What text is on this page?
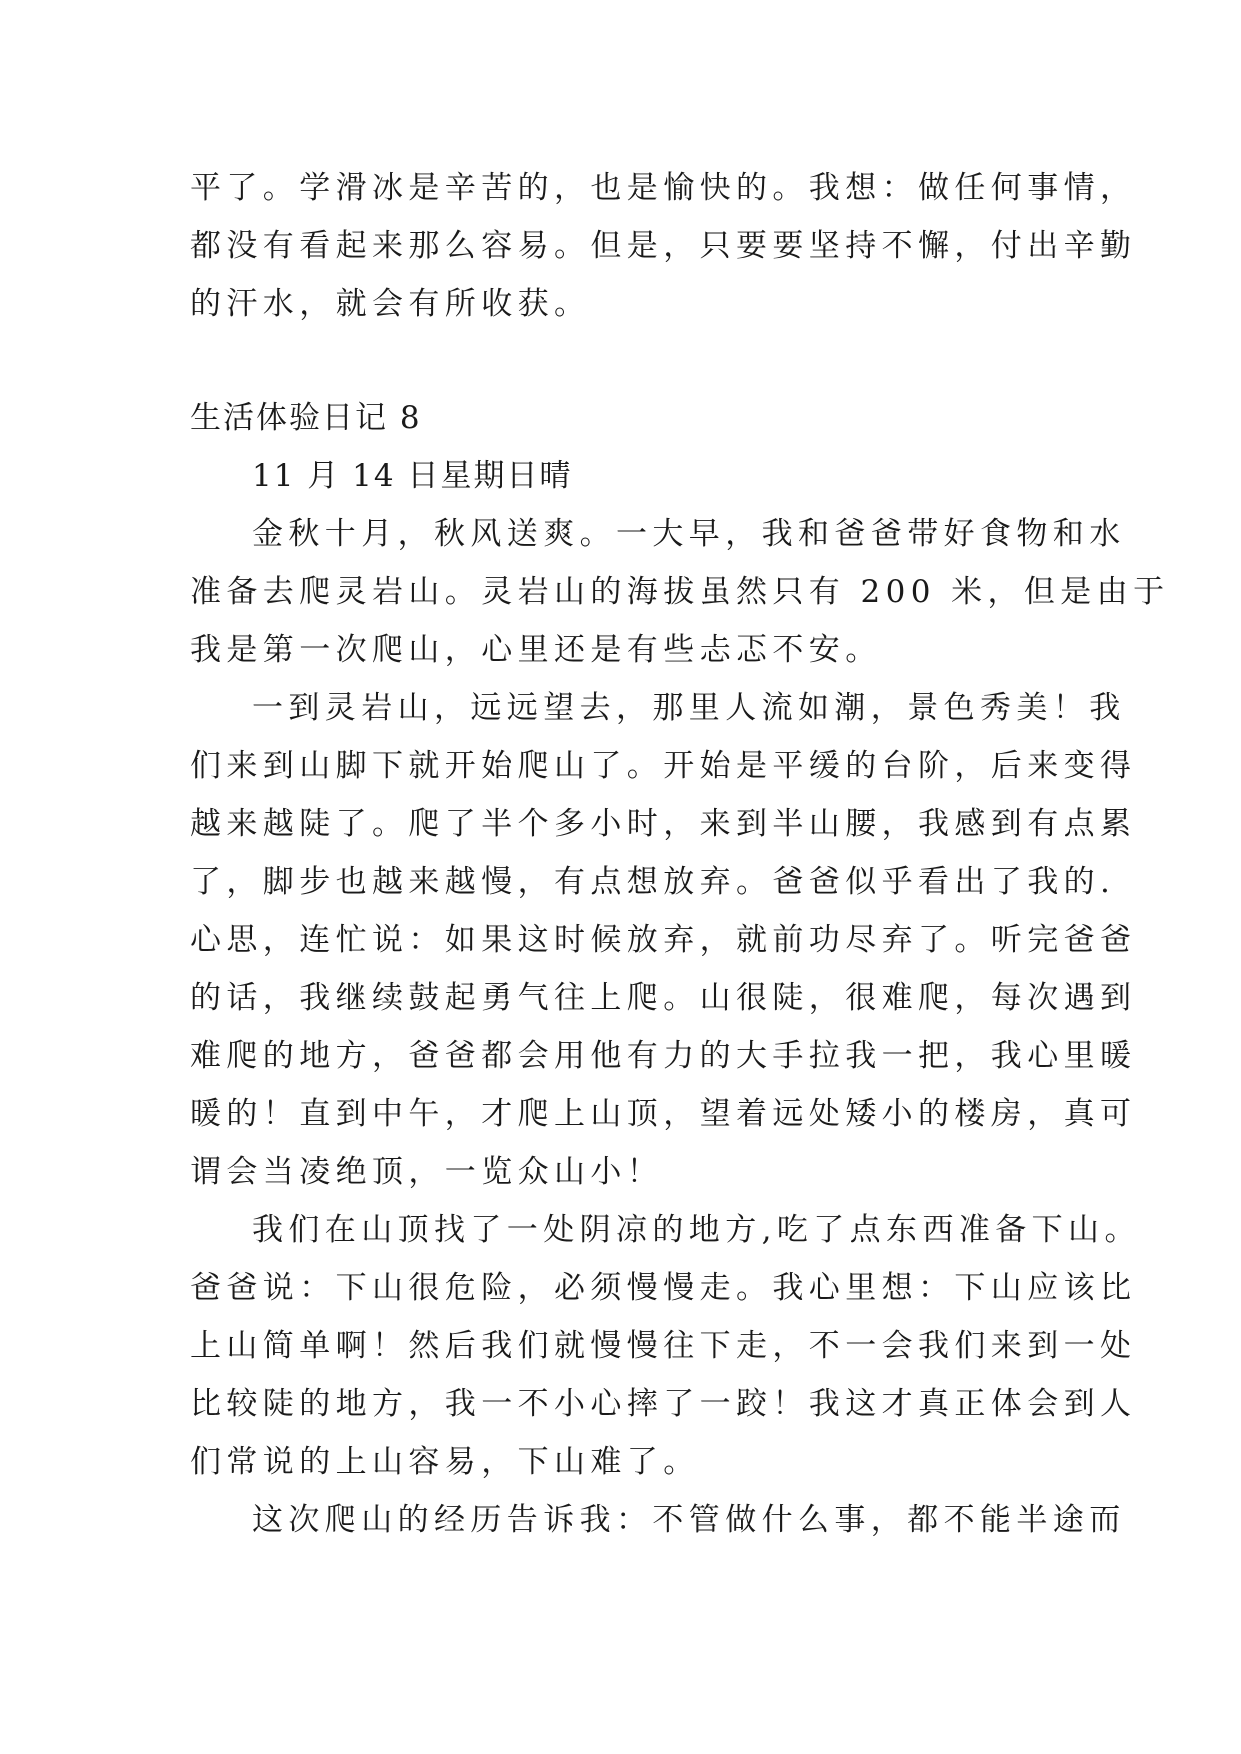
平了。学滑冰是辛苦的，也是愉快的。我想：做任何事情，
都没有看起来那么容易。但是，只要要坚持不懈，付出辛勤
的汗水，就会有所收获。
生活体验日记 8
11 月 14 日星期日晴
金秋十月，秋风送爽。一大早，我和爸爸带好食物和水
准备去爬灵岩山。灵岩山的海拔虽然只有 200 米，但是由于
我是第一次爬山，心里还是有些忐忑不安。
一到灵岩山，远远望去，那里人流如潮，景色秀美！我
们来到山脚下就开始爬山了。开始是平缓的台阶，后来变得
越来越陡了。爬了半个多小时，来到半山腰，我感到有点累
了，脚步也越来越慢，有点想放弃。爸爸似乎看出了我的.
心思，连忙说：如果这时候放弃，就前功尽弃了。听完爸爸
的话，我继续鼓起勇气往上爬。山很陡，很难爬，每次遇到
难爬的地方，爸爸都会用他有力的大手拉我一把，我心里暖
暖的！直到中午，才爬上山顶，望着远处矮小的楼房，真可
谓会当凌绝顶，一览众山小！
我们在山顶找了一处阴凉的地方,吃了点东西准备下山。
爸爸说：下山很危险，必须慢慢走。我心里想：下山应该比
上山简单啊！然后我们就慢慢往下走，不一会我们来到一处
比较陡的地方，我一不小心摔了一跤！我这才真正体会到人
们常说的上山容易，下山难了。
这次爬山的经历告诉我：不管做什么事，都不能半途而
